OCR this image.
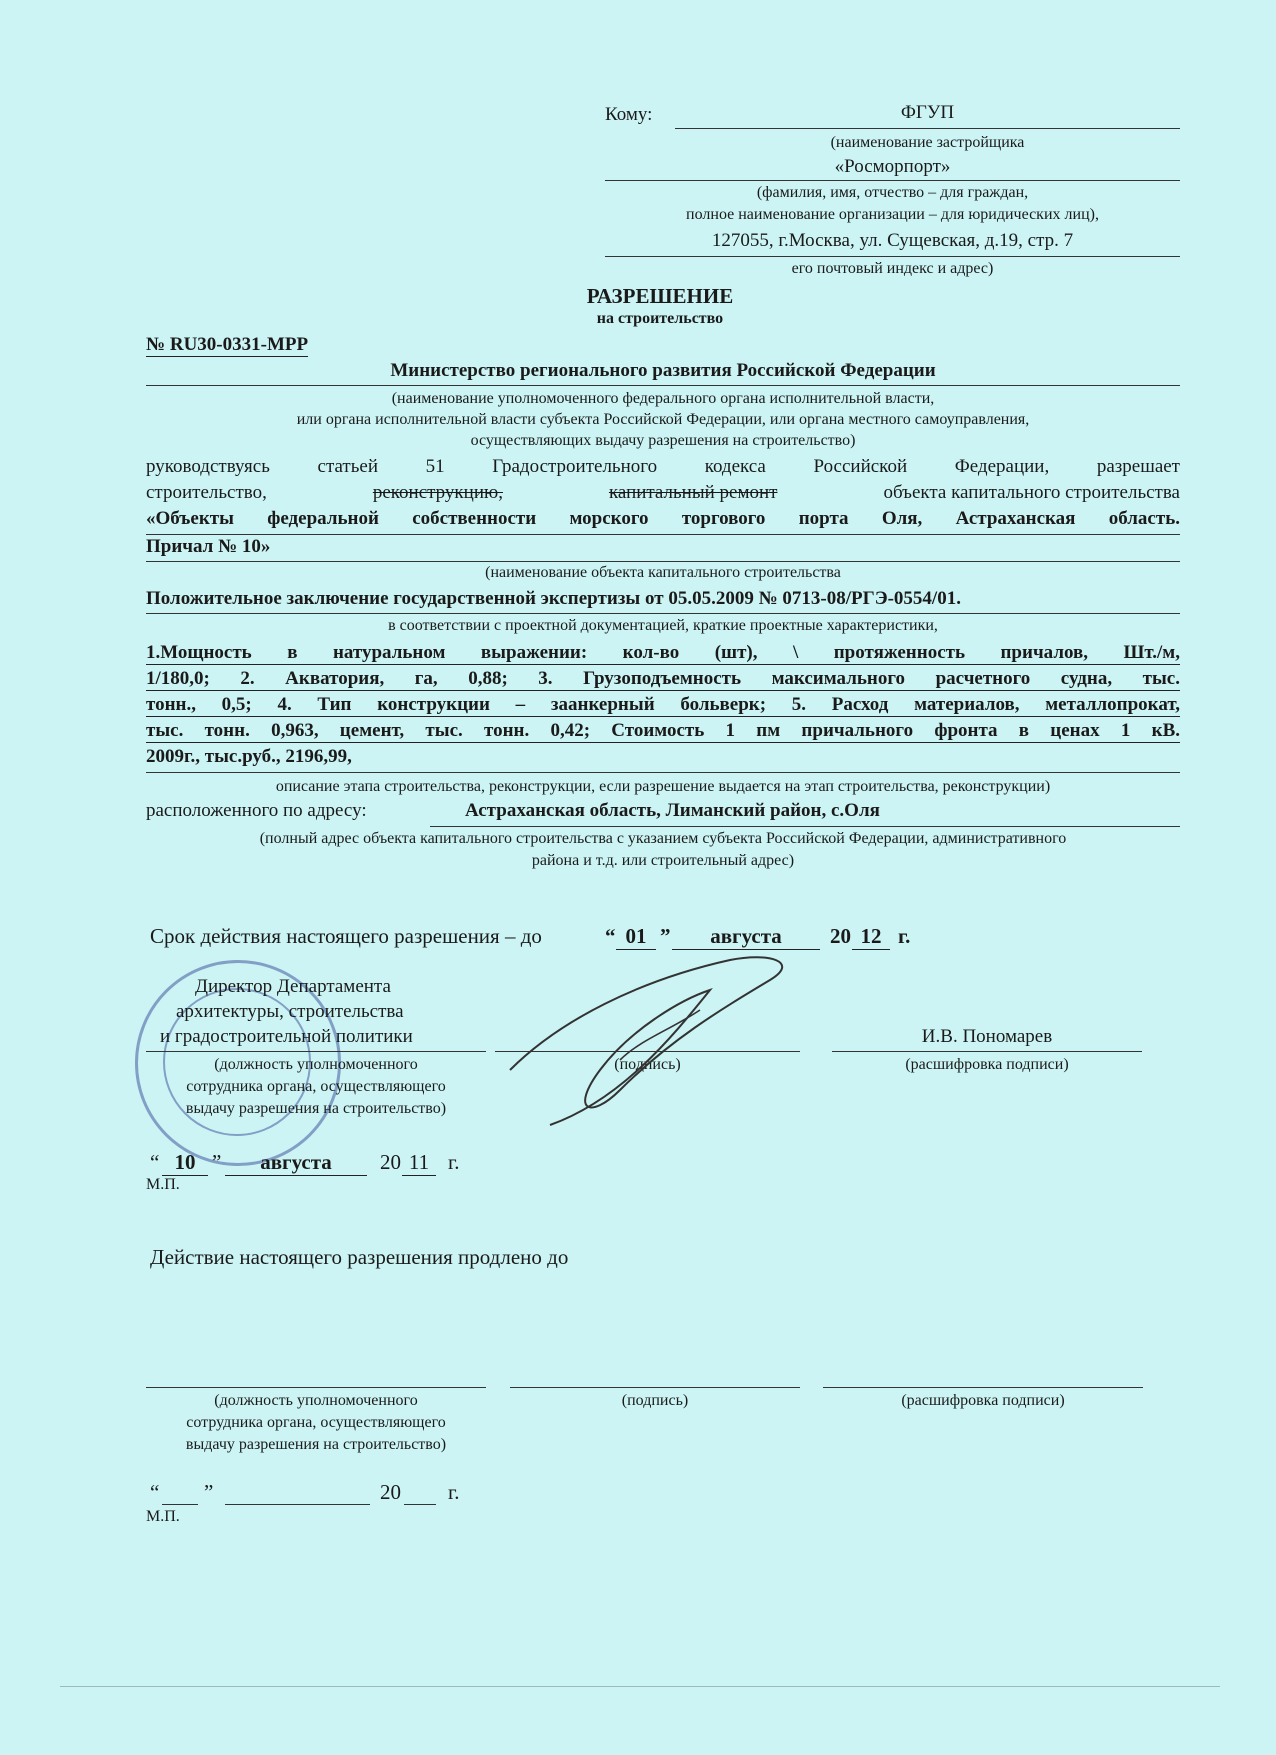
Кому:	ФГУП
(наименование застройщика
«Росморпорт»
(фамилия, имя, отчество – для граждан,
полное наименование организации – для юридических лиц),
127055, г.Москва, ул. Сущевская, д.19, стр. 7
его почтовый индекс и адрес)
РАЗРЕШЕНИЕ
на строительство
№ RU30-0331-МРР
Министерство регионального развития Российской Федерации
(наименование уполномоченного федерального органа исполнительной власти,
или органа исполнительной власти субъекта Российской Федерации, или органа местного самоуправления,
осуществляющих выдачу разрешения на строительство)
руководствуясь статьей 51 Градостроительного кодекса Российской Федерации, разрешает
строительство,	реконструкцию,	капитальный ремонт	объекта капитального строительства
«Объекты федеральной собственности морского торгового порта Оля, Астраханская область.
Причал № 10»
(наименование объекта капитального строительства
Положительное заключение государственной экспертизы от 05.05.2009 № 0713-08/РГЭ-0554/01.
в соответствии с проектной документацией, краткие проектные характеристики,
1.Мощность в натуральном выражении: кол-во (шт), \ протяженность причалов, Шт./м,
1/180,0; 2. Акватория, га, 0,88; 3. Грузоподъемность максимального расчетного судна, тыс.
тонн., 0,5; 4. Тип конструкции – заанкерный больверк; 5. Расход материалов, металлопрокат,
тыс. тонн. 0,963, цемент, тыс. тонн. 0,42; Стоимость 1 пм причального фронта в ценах 1 кВ.
2009г., тыс.руб., 2196,99,
описание этапа строительства, реконструкции, если разрешение выдается на этап строительства, реконструкции)
расположенного по адресу:	Астраханская область, Лиманский район, с.Оля
(полный адрес объекта капитального строительства с указанием субъекта Российской Федерации, административного
района и т.д. или строительный адрес)
Срок действия настоящего разрешения – до	“ 01 ”	августа	20 12 г.
Директор Департамента
архитектуры, строительства
и градостроительной политики	И.В. Пономарев
(должность уполномоченного
сотрудника органа, осуществляющего
выдачу разрешения на строительство)
(подпись)	(расшифровка подписи)
“ 10 ”	августа	20 11 г.
М.П.
Действие настоящего разрешения продлено до
(должность уполномоченного
сотрудника органа, осуществляющего
выдачу разрешения на строительство)
(подпись)	(расшифровка подписи)
“ ”	20 г.
М.П.
